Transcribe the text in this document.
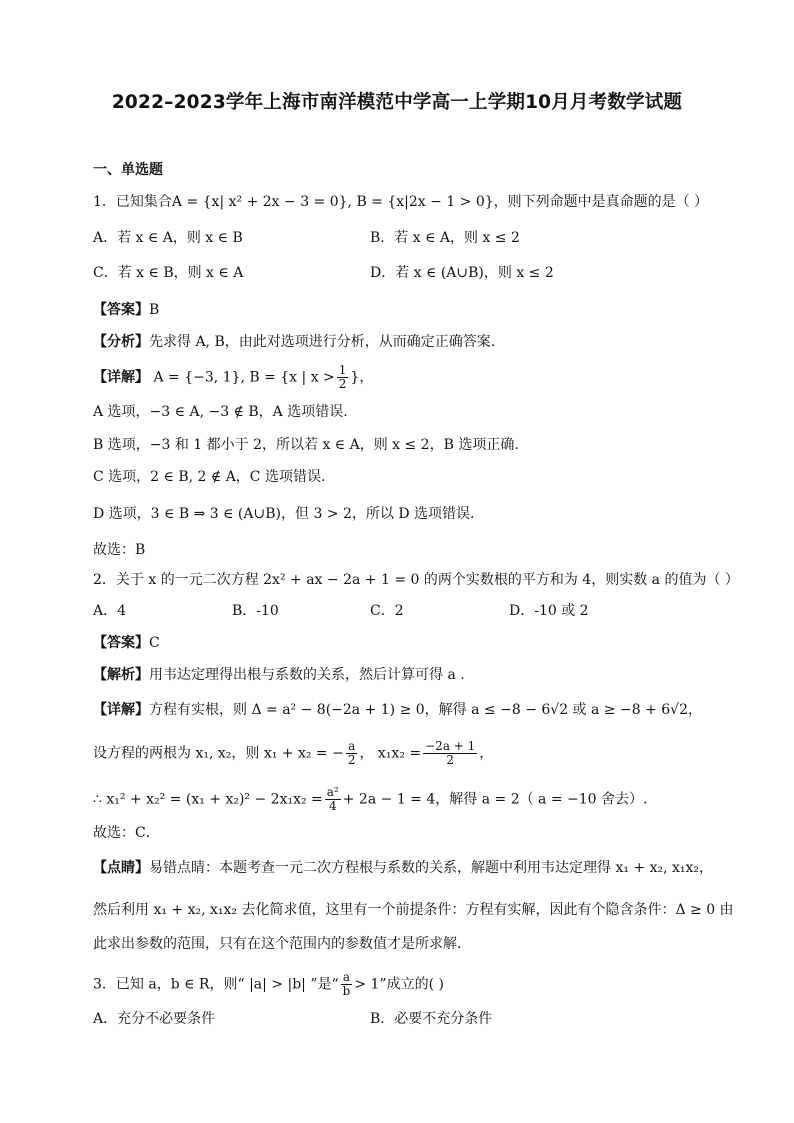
2022–2023学年上海市南洋模范中学高一上学期10月月考数学试题
一、单选题
1．已知集合A = {x| x² + 2x − 3 = 0}, B = {x|2x − 1 > 0}，则下列命题中是真命题的是（ ）
A．若 x ∈ A，则 x ∈ B	B．若 x ∈ A，则 x ≤ 2
C．若 x ∈ B，则 x ∈ A	D．若 x ∈ (A∪B)，则 x ≤ 2
【答案】B
【分析】先求得 A, B，由此对选项进行分析，从而确定正确答案.
【详解】 A = {−3, 1}, B = {x | $x > \frac{1}{2}$ }，
A 选项，−3 ∈ A, −3 ∉ B，A 选项错误.
B 选项，−3 和 1 都小于 2，所以若 x ∈ A，则 x ≤ 2，B 选项正确.
C 选项，2 ∈ B, 2 ∉ A，C 选项错误.
D 选项，3 ∈ B ⇒ 3 ∈ (A∪B)，但 3 > 2，所以 D 选项错误.
故选：B
2．关于 x 的一元二次方程 2x² + ax − 2a + 1 = 0 的两个实数根的平方和为 4，则实数 a 的值为（ ）
A．4	B．-10	C．2	D．-10 或 2
【答案】C
【解析】用韦达定理得出根与系数的关系，然后计算可得 a .
【详解】方程有实根，则 Δ = a² − 8(−2a + 1) ≥ 0，解得 a ≤ −8 − 6√2 或 a ≥ −8 + 6√2，
设方程的两根为 x₁, x₂，则 x₁ + x₂ = − $\frac{a}{2}$ ， $x_1x_2 = \frac{-2a + 1}{2}$ ，
∴ $x_1^2 + x_2^2 = (x_1 + x_2)^2 - 2x_1x_2 = \frac{\text{a²}}{4} + 2a - 1 = 4$，解得 a = 2（ a = −10 舍去）.
故选：C．
【点睛】易错点睛：本题考查一元二次方程根与系数的关系，解题中利用韦达定理得 x₁ + x₂, x₁x₂，
然后利用 x₁ + x₂, x₁x₂ 去化简求值，这里有一个前提条件：方程有实解，因此有个隐含条件：Δ ≥ 0 由
此求出参数的范围，只有在这个范围内的参数值才是所求解．
3．已知 a，b ∈ R，则“ |a| > |b| ”是“ $\frac{a}{b} > 1$”成立的( )
A．充分不必要条件	B．必要不充分条件
